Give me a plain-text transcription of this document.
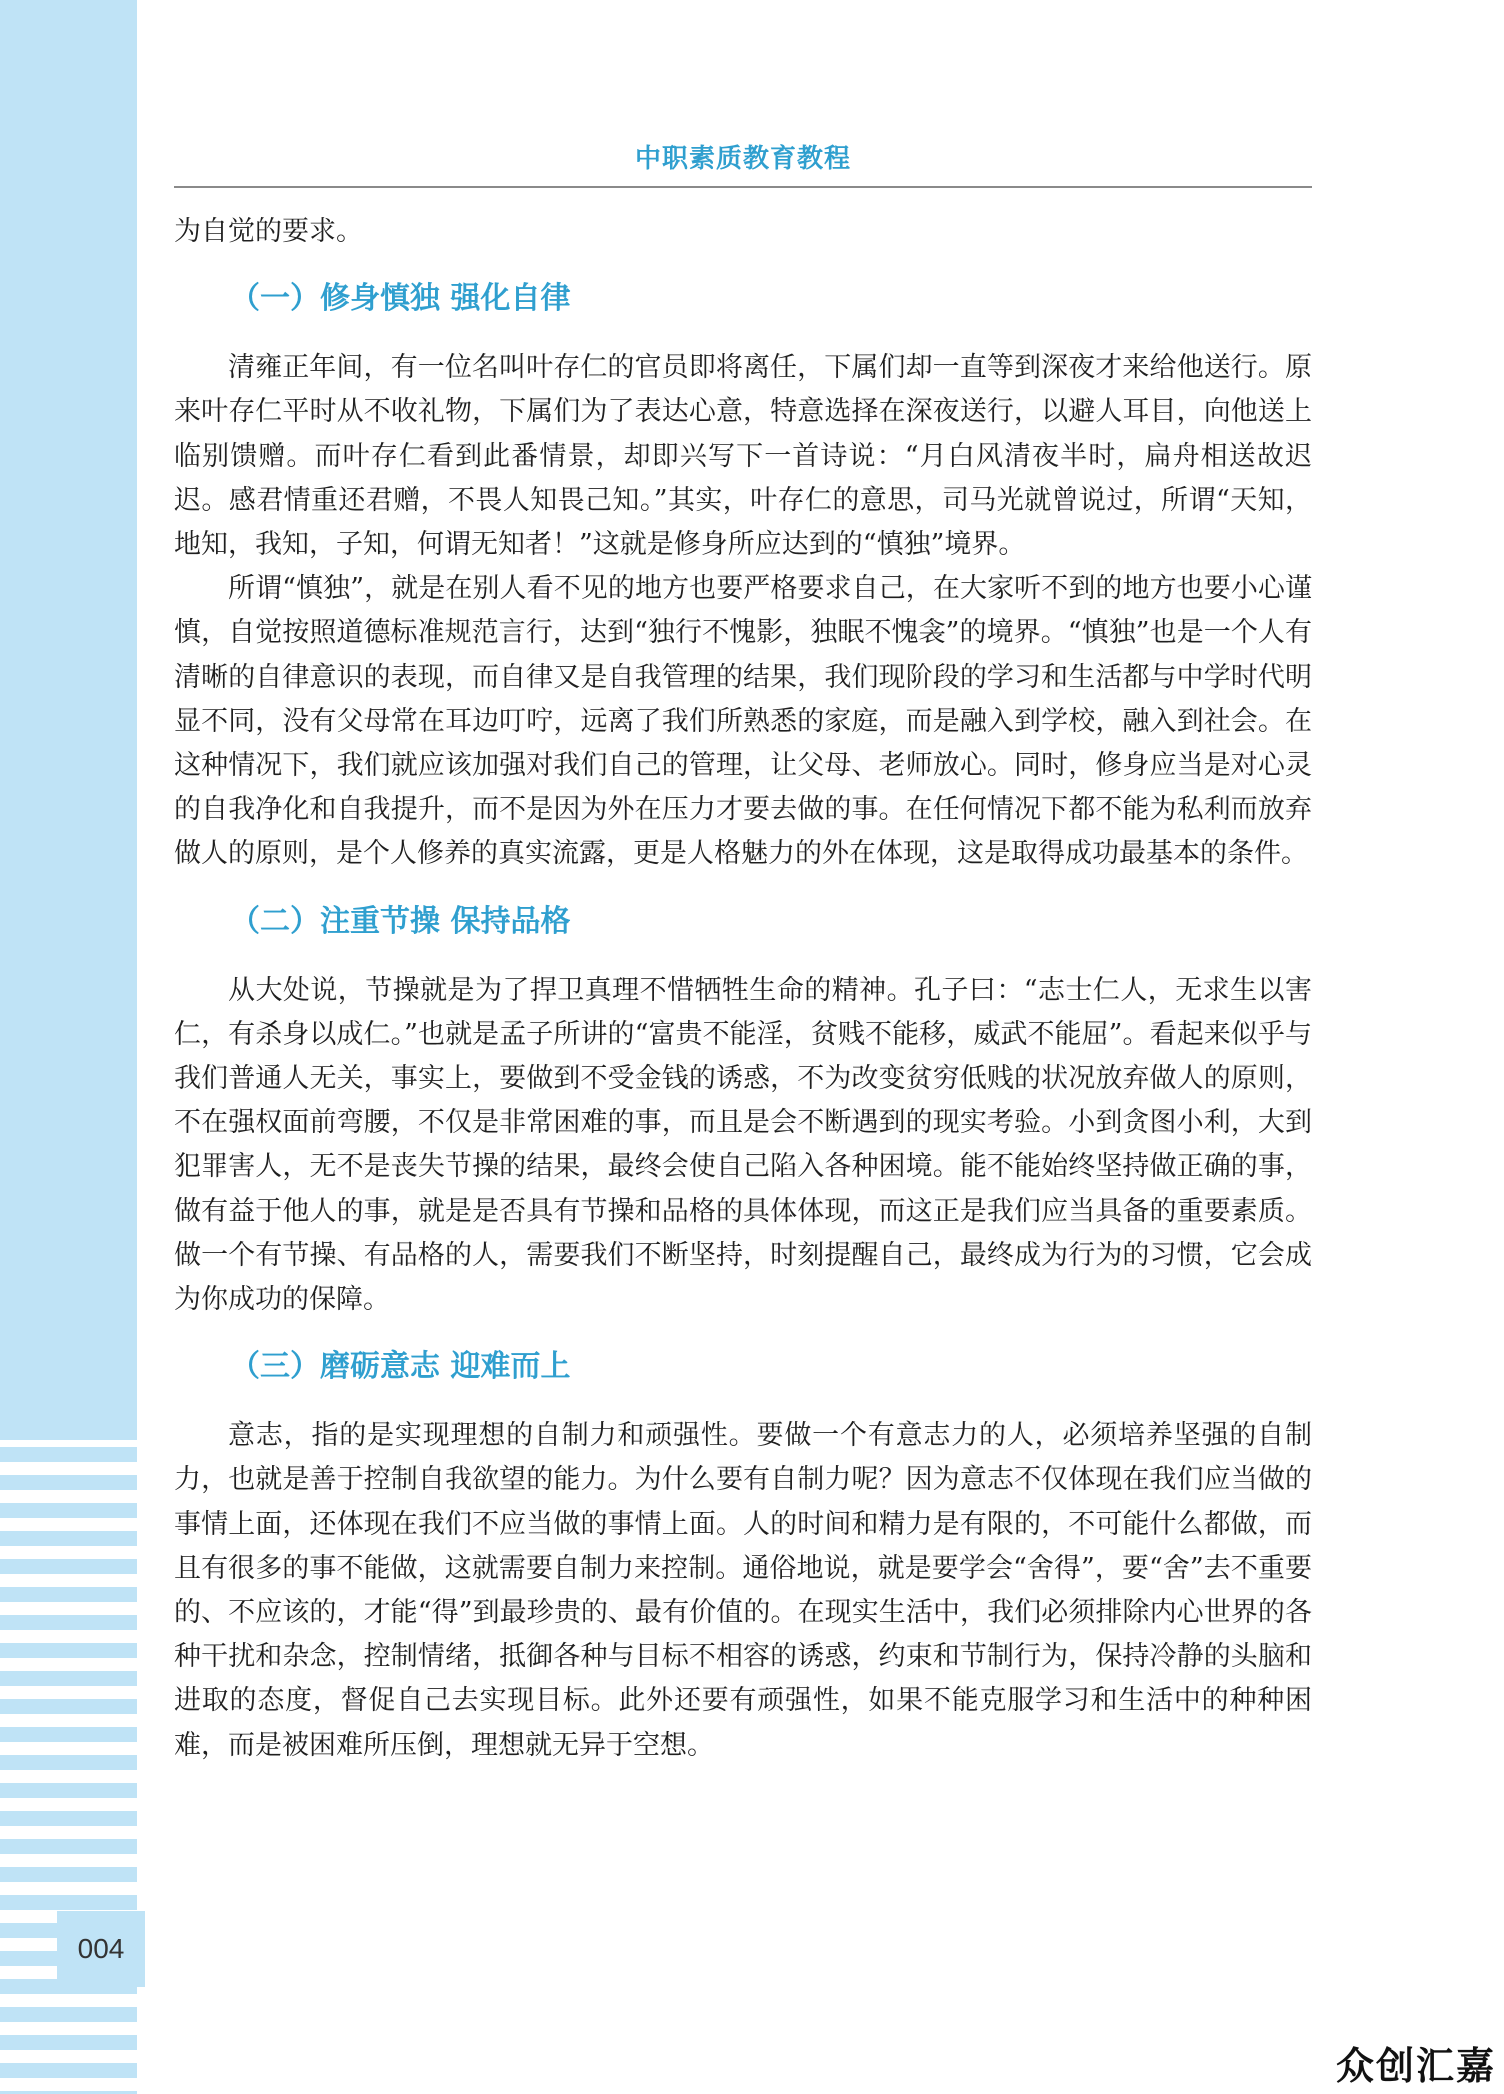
004
中职素质教育教程

为自觉的要求。

（一）修身慎独 强化自律

清雍正年间，有一位名叫叶存仁的官员即将离任，下属们却一直等到深夜才来给他送行。原来叶存仁平时从不收礼物，下属们为了表达心意，特意选择在深夜送行，以避人耳目，向他送上临别馈赠。而叶存仁看到此番情景，却即兴写下一首诗说：“月白风清夜半时，扁舟相送故迟迟。感君情重还君赠，不畏人知畏己知。”其实，叶存仁的意思，司马光就曾说过，所谓“天知，地知，我知，子知，何谓无知者！”这就是修身所应达到的“慎独”境界。

所谓“慎独”，就是在别人看不见的地方也要严格要求自己，在大家听不到的地方也要小心谨慎，自觉按照道德标准规范言行，达到“独行不愧影，独眠不愧衾”的境界。“慎独”也是一个人有清晰的自律意识的表现，而自律又是自我管理的结果，我们现阶段的学习和生活都与中学时代明显不同，没有父母常在耳边叮咛，远离了我们所熟悉的家庭，而是融入到学校，融入到社会。在这种情况下，我们就应该加强对我们自己的管理，让父母、老师放心。同时，修身应当是对心灵的自我净化和自我提升，而不是因为外在压力才要去做的事。在任何情况下都不能为私利而放弃做人的原则，是个人修养的真实流露，更是人格魅力的外在体现，这是取得成功最基本的条件。

（二）注重节操 保持品格

从大处说，节操就是为了捍卫真理不惜牺牲生命的精神。孔子曰：“志士仁人，无求生以害仁，有杀身以成仁。”也就是孟子所讲的“富贵不能淫，贫贱不能移，威武不能屈”。看起来似乎与我们普通人无关，事实上，要做到不受金钱的诱惑，不为改变贫穷低贱的状况放弃做人的原则，不在强权面前弯腰，不仅是非常困难的事，而且是会不断遇到的现实考验。小到贪图小利，大到犯罪害人，无不是丧失节操的结果，最终会使自己陷入各种困境。能不能始终坚持做正确的事，做有益于他人的事，就是是否具有节操和品格的具体体现，而这正是我们应当具备的重要素质。做一个有节操、有品格的人，需要我们不断坚持，时刻提醒自己，最终成为行为的习惯，它会成为你成功的保障。

（三）磨砺意志 迎难而上

意志，指的是实现理想的自制力和顽强性。要做一个有意志力的人，必须培养坚强的自制力，也就是善于控制自我欲望的能力。为什么要有自制力呢？因为意志不仅体现在我们应当做的事情上面，还体现在我们不应当做的事情上面。人的时间和精力是有限的，不可能什么都做，而且有很多的事不能做，这就需要自制力来控制。通俗地说，就是要学会“舍得”，要“舍”去不重要的、不应该的，才能“得”到最珍贵的、最有价值的。在现实生活中，我们必须排除内心世界的各种干扰和杂念，控制情绪，抵御各种与目标不相容的诱惑，约束和节制行为，保持冷静的头脑和进取的态度，督促自己去实现目标。此外还要有顽强性，如果不能克服学习和生活中的种种困难，而是被困难所压倒，理想就无异于空想。

众创汇嘉
